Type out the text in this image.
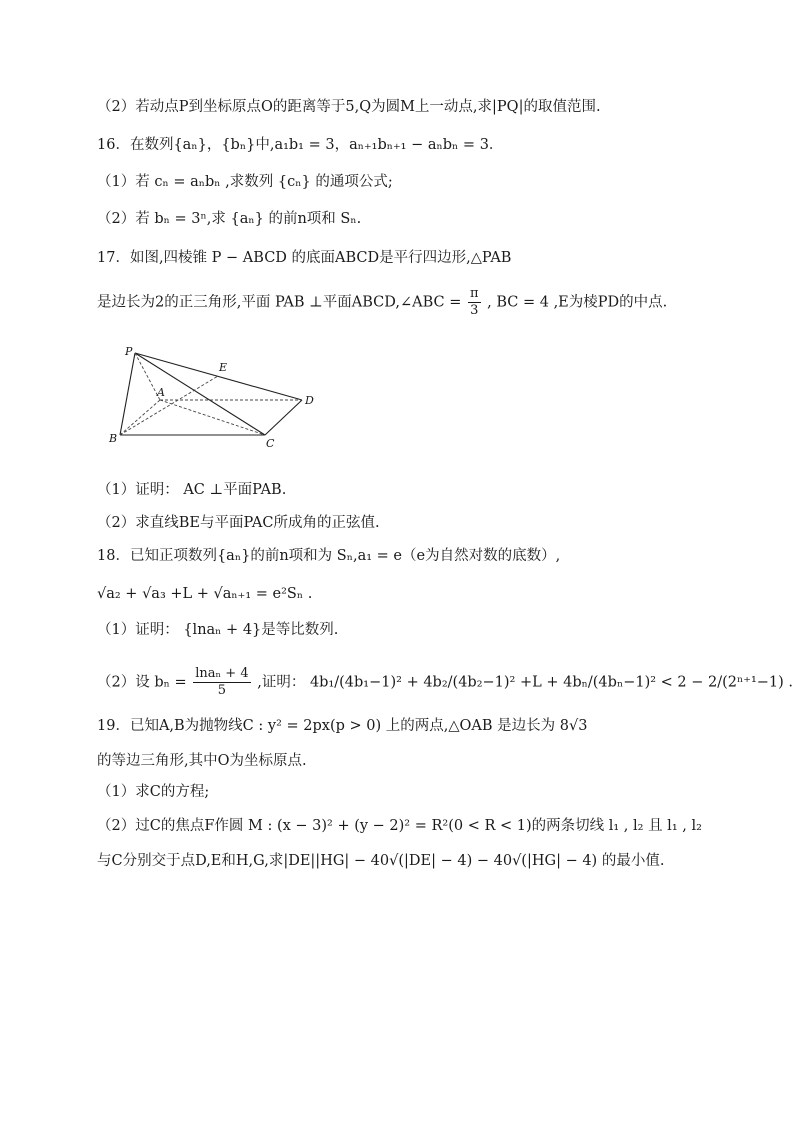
（2）若动点P到坐标原点O的距离等于5,Q为圆M上一动点,求|PQ|的取值范围.
16．在数列{aₙ}，{bₙ}中,a₁b₁ = 3，aₙ₊₁bₙ₊₁ − aₙbₙ = 3．
（1）若 cₙ = aₙbₙ ,求数列 {cₙ} 的通项公式;
（2）若 bₙ = 3ⁿ,求 {aₙ} 的前n项和 Sₙ.
17．如图,四棱锥 P − ABCD 的底面ABCD是平行四边形,△PAB
是边长为2的正三角形,平面 PAB ⊥平面ABCD,∠ABC = $\frac{\pi}{3}$ , BC = 4 ,E为棱PD的中点.
P
E
A
D
B	C
（1）证明： AC ⊥平面PAB.
（2）求直线BE与平面PAC所成角的正弦值.
18．已知正项数列{aₙ}的前n项和为 Sₙ,a₁ = e（e为自然对数的底数）,
√a₂ + √a₃ +L + √aₙ₊₁ = e²Sₙ .
（1）证明： {lnaₙ + 4}是等比数列.
（2）设 $b_n = \frac{\text{lnaₙ + 4}}{5}$ ,证明： 4b₁/(4b₁−1)² + 4b₂/(4b₂−1)² +L + 4bₙ/(4bₙ−1)² < 2 − 2/(2ⁿ⁺¹−1) .
19．已知A,B为抛物线C : y² = 2px(p > 0) 上的两点,△OAB 是边长为 8√3
的等边三角形,其中O为坐标原点.
（1）求C的方程;
（2）过C的焦点F作圆 M : (x − 3)² + (y − 2)² = R²(0 < R < 1)的两条切线 l₁ , l₂ 且 l₁ , l₂
与C分别交于点D,E和H,G,求|DE||HG| − 40√(|DE| − 4) − 40√(|HG| − 4) 的最小值.
